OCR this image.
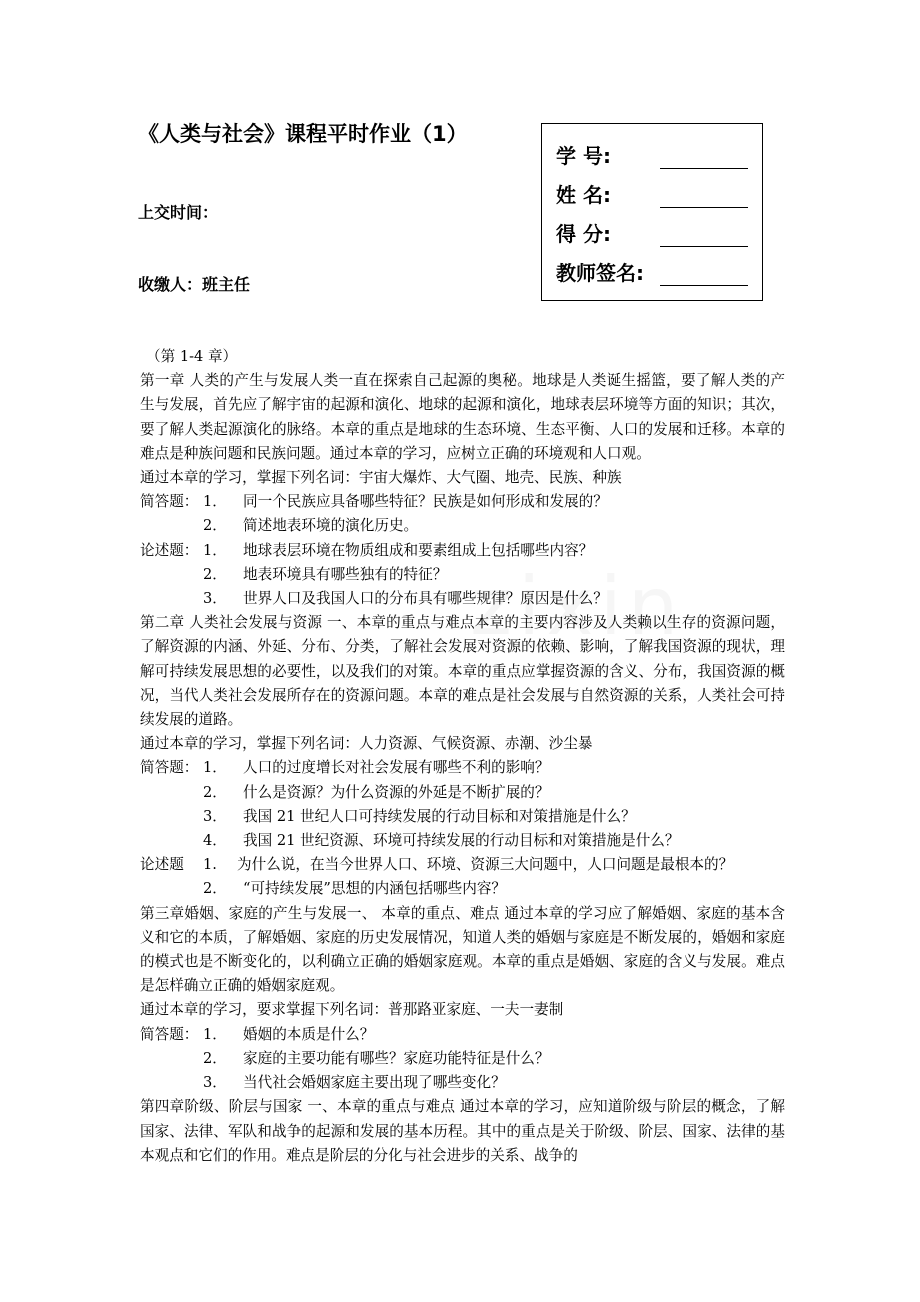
《人类与社会》课程平时作业（1）
上交时间：
收缴人：班主任
学 号:
姓 名:
得 分:
教师签名:

（第 1-4 章）

第一章 人类的产生与发展人类一直在探索自己起源的奥秘。地球是人类诞生摇篮，要了解人类的产生与发展，首先应了解宇宙的起源和演化、地球的起源和演化，地球表层环境等方面的知识；其次，要了解人类起源演化的脉络。本章的重点是地球的生态环境、生态平衡、人口的发展和迁移。本章的难点是种族问题和民族问题。通过本章的学习，应树立正确的环境观和人口观。

通过本章的学习，掌握下列名词：宇宙大爆炸、大气圈、地壳、民族、种族

简答题： 1．	同一个民族应具备哪些特征？民族是如何形成和发展的？
2．	简述地表环境的演化历史。
论述题： 1．	地球表层环境在物质组成和要素组成上包括哪些内容？
2．	地表环境具有哪些独有的特征？
3．	世界人口及我国人口的分布具有哪些规律？原因是什么？

第二章 人类社会发展与资源 一、本章的重点与难点本章的主要内容涉及人类赖以生存的资源问题，了解资源的内涵、外延、分布、分类，了解社会发展对资源的依赖、影响，了解我国资源的现状，理解可持续发展思想的必要性，以及我们的对策。本章的重点应掌握资源的含义、分布，我国资源的概况，当代人类社会发展所存在的资源问题。本章的难点是社会发展与自然资源的关系，人类社会可持续发展的道路。

通过本章的学习，掌握下列名词：人力资源、气候资源、赤潮、沙尘暴

简答题： 1．	人口的过度增长对社会发展有哪些不利的影响？
2．	什么是资源？为什么资源的外延是不断扩展的？
3．	我国 21 世纪人口可持续发展的行动目标和对策措施是什么？
4．	我国 21 世纪资源、环境可持续发展的行动目标和对策措施是什么？
论述题	1.	为什么说，在当今世界人口、环境、资源三大问题中，人口问题是最根本的？
2．	“可持续发展”思想的内涵包括哪些内容？

第三章婚姻、家庭的产生与发展一、 本章的重点、难点 通过本章的学习应了解婚姻、家庭的基本含义和它的本质，了解婚姻、家庭的历史发展情况，知道人类的婚姻与家庭是不断发展的，婚姻和家庭的模式也是不断变化的，以利确立正确的婚姻家庭观。本章的重点是婚姻、家庭的含义与发展。难点是怎样确立正确的婚姻家庭观。

通过本章的学习，要求掌握下列名词：普那路亚家庭、一夫一妻制

简答题： 1．	婚姻的本质是什么？
2．	家庭的主要功能有哪些？家庭功能特征是什么？
3．	当代社会婚姻家庭主要出现了哪些变化？

第四章阶级、阶层与国家 一、本章的重点与难点 通过本章的学习，应知道阶级与阶层的概念，了解国家、法律、军队和战争的起源和发展的基本历程。其中的重点是关于阶级、阶层、国家、法律的基本观点和它们的作用。难点是阶层的分化与社会进步的关系、战争的
